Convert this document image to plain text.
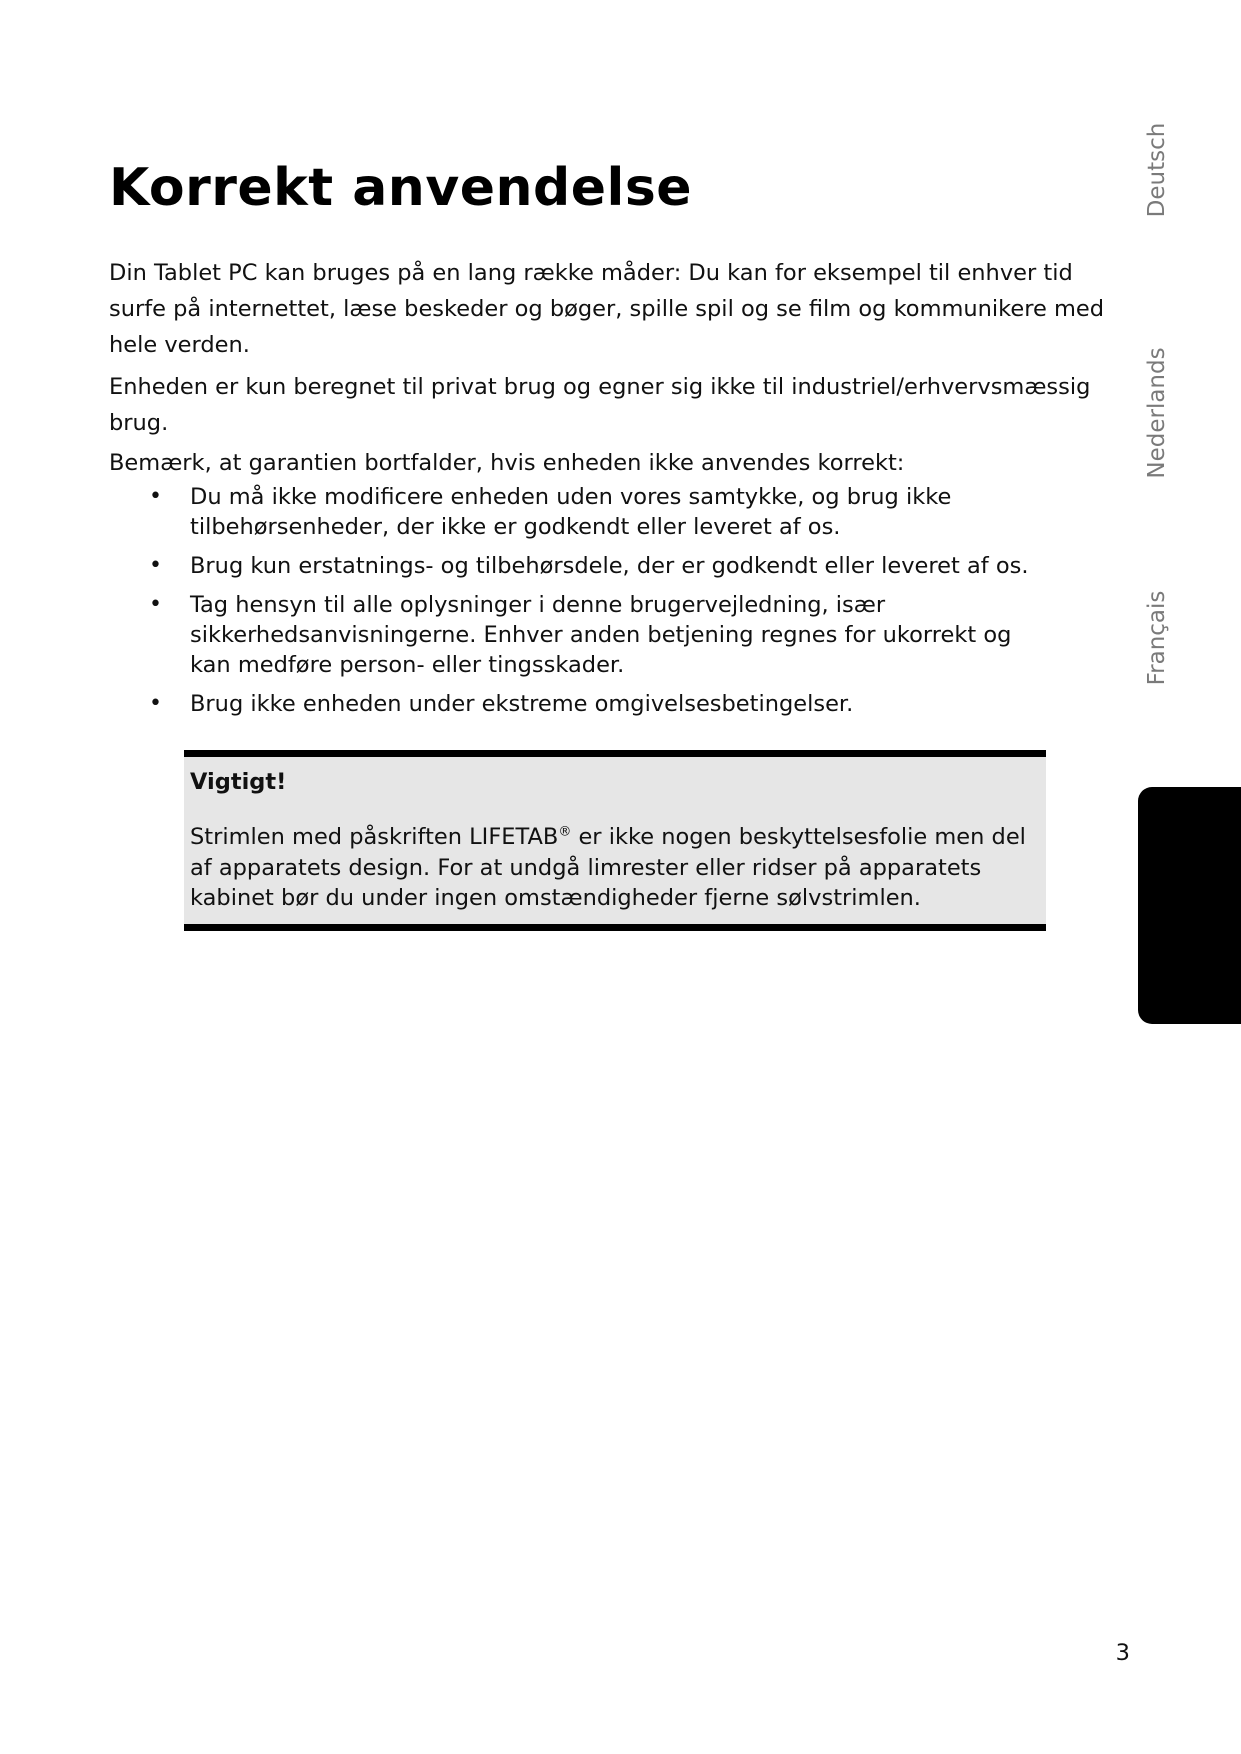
Korrekt anvendelse

Din Tablet PC kan bruges på en lang række måder: Du kan for eksempel til enhver tid surfe på internettet, læse beskeder og bøger, spille spil og se film og kommunikere med hele verden.

Enheden er kun beregnet til privat brug og egner sig ikke til industriel/erhvervsmæssig brug.

Bemærk, at garantien bortfalder, hvis enheden ikke anvendes korrekt:

• Du må ikke modificere enheden uden vores samtykke, og brug ikke tilbehørsenheder, der ikke er godkendt eller leveret af os.
• Brug kun erstatnings- og tilbehørsdele, der er godkendt eller leveret af os.
• Tag hensyn til alle oplysninger i denne brugervejledning, især sikkerhedsanvisningerne. Enhver anden betjening regnes for ukorrekt og kan medføre person- eller tingsskader.
• Brug ikke enheden under ekstreme omgivelsesbetingelser.

Vigtigt!

Strimlen med påskriften LIFETAB® er ikke nogen beskyttelsesfolie men del af apparatets design. For at undgå limrester eller ridser på apparatets kabinet bør du under ingen omstændigheder fjerne sølvstrimlen.

Deutsch
Nederlands
Français
3
